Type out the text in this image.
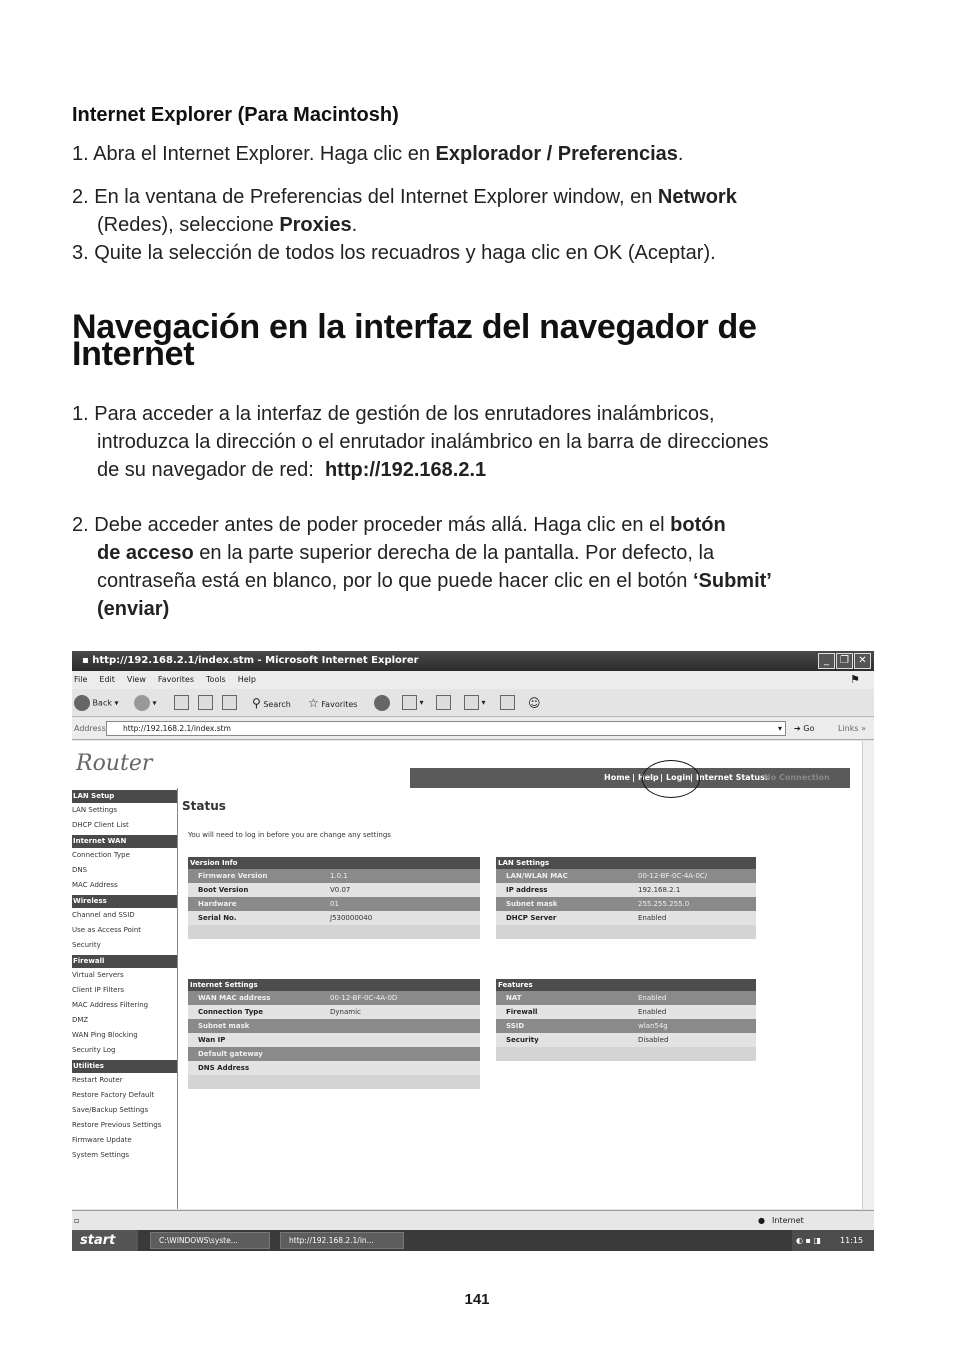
Internet Explorer (Para Macintosh)
1. Abra el Internet Explorer. Haga clic en Explorador / Preferencias.
2. En la ventana de Preferencias del Internet Explorer window, en Network
(Redes), seleccione Proxies.
3. Quite la selección de todos los recuadros y haga clic en OK (Aceptar).
Navegación en la interfaz del navegador de
Internet
1. Para acceder a la interfaz de gestión de los enrutadores inalámbricos,
introduzca la dirección o el enrutador inalámbrico en la barra de direcciones
de su navegador de red: http://192.168.2.1
2. Debe acceder antes de poder proceder más allá. Haga clic en el botón
de acceso en la parte superior derecha de la pantalla. Por defecto, la
contraseña está en blanco, por lo que puede hacer clic en el botón ‘Submit’
(enviar)
▪ http://192.168.2.1/index.stm - Microsoft Internet Explorer	_	❐ ✕
File Edit View Favorites Tools Help	⚑
Back ▾	▾	⚲ Search ☆ Favorites	▾	▾	☺
Address	http://192.168.2.1/index.stm	▾ ➔ Go	Links »
Router
Home | Help | Login | Internet Status:
No Connection
LAN Setup
LAN Settings
DHCP Client List
Internet WAN
Connection Type
DNS
MAC Address
Wireless
Channel and SSID
Use as Access Point
Security
Firewall
Virtual Servers
Client IP Filters
MAC Address Filtering
DMZ
WAN Ping Blocking
Security Log
Utilities
Restart Router
Restore Factory Default
Save/Backup Settings
Restore Previous Settings
Firmware Update
System Settings
Status
You will need to log in before you are change any settings
Version Info
Firmware Version	1.0.1
Boot Version	V0.07
Hardware	01
Serial No.	J530000040
LAN Settings
LAN/WLAN MAC	00-12-BF-0C-4A-0C/
IP address	192.168.2.1
Subnet mask	255.255.255.0
DHCP Server	Enabled
Internet Settings
WAN MAC address	00-12-BF-0C-4A-0D
Connection Type	Dynamic
Subnet mask
Wan IP
Default gateway
DNS Address
Features
NAT	Enabled
Firewall	Enabled
SSID	wlan54g
Security	Disabled
▫	● Internet
start	C:\WINDOWS\syste...	http://192.168.2.1/in...	◐ ▪ ◨ 11:15
141
